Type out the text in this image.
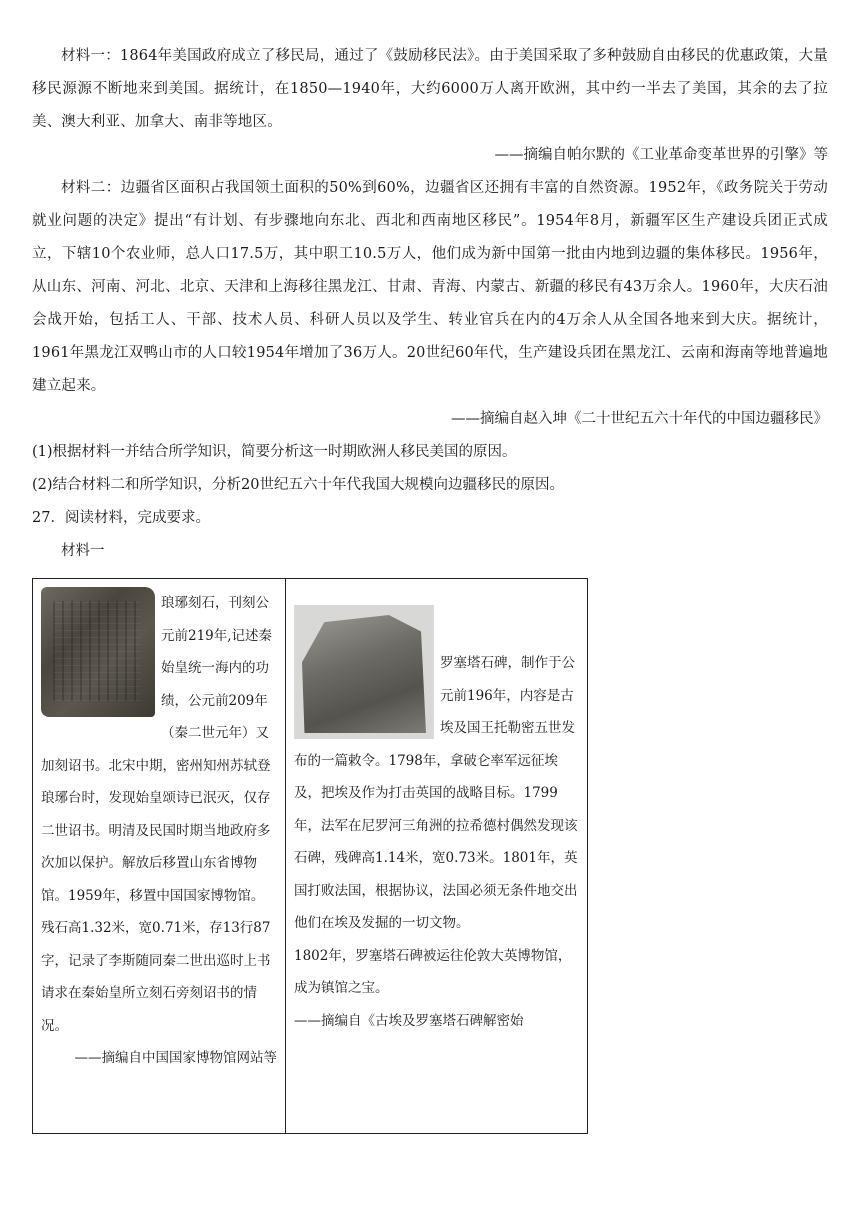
材料一：1864年美国政府成立了移民局，通过了《鼓励移民法》。由于美国采取了多种鼓励自由移民的优惠政策，大量移民源源不断地来到美国。据统计，在1850—1940年，大约6000万人离开欧洲，其中约一半去了美国，其余的去了拉美、澳大利亚、加拿大、南非等地区。

——摘编自帕尔默的《工业革命变革世界的引擎》等

材料二：边疆省区面积占我国领土面积的50%到60%，边疆省区还拥有丰富的自然资源。1952年，《政务院关于劳动就业问题的决定》提出“有计划、有步骤地向东北、西北和西南地区移民”。1954年8月，新疆军区生产建设兵团正式成立，下辖10个农业师，总人口17.5万，其中职工10.5万人，他们成为新中国第一批由内地到边疆的集体移民。1956年，从山东、河南、河北、北京、天津和上海移往黑龙江、甘肃、青海、内蒙古、新疆的移民有43万余人。1960年，大庆石油会战开始，包括工人、干部、技术人员、科研人员以及学生、转业官兵在内的4万余人从全国各地来到大庆。据统计，1961年黑龙江双鸭山市的人口较1954年增加了36万人。20世纪60年代，生产建设兵团在黑龙江、云南和海南等地普遍地建立起来。

——摘编自赵入坤《二十世纪五六十年代的中国边疆移民》

(1)根据材料一并结合所学知识，简要分析这一时期欧洲人移民美国的原因。

(2)结合材料二和所学知识，分析20世纪五六十年代我国大规模向边疆移民的原因。

27．阅读材料，完成要求。

材料一

琅琊刻石，刊刻公元前219年,记述秦始皇统一海内的功绩，公元前209年（秦二世元年）又加刻诏书。北宋中期，密州知州苏轼登琅琊台时，发现始皇颂诗已泯灭，仅存二世诏书。明清及民国时期当地政府多次加以保护。解放后移置山东省博物馆。1959年，移置中国国家博物馆。残石高1.32米，宽0.71米，存13行87字，记录了李斯随同秦二世出巡时上书请求在秦始皇所立刻石旁刻诏书的情况。
——摘编自中国国家博物馆网站等

罗塞塔石碑，制作于公元前196年，内容是古埃及国王托勒密五世发布的一篇敕令。1798年，拿破仑率军远征埃及，把埃及作为打击英国的战略目标。1799年，法军在尼罗河三角洲的拉希德村偶然发现该石碑，残碑高1.14米，宽0.73米。1801年，英国打败法国，根据协议，法国必须无条件地交出他们在埃及发掘的一切文物。
1802年，罗塞塔石碑被运往伦敦大英博物馆，成为镇馆之宝。
——摘编自《古埃及罗塞塔石碑解密始
